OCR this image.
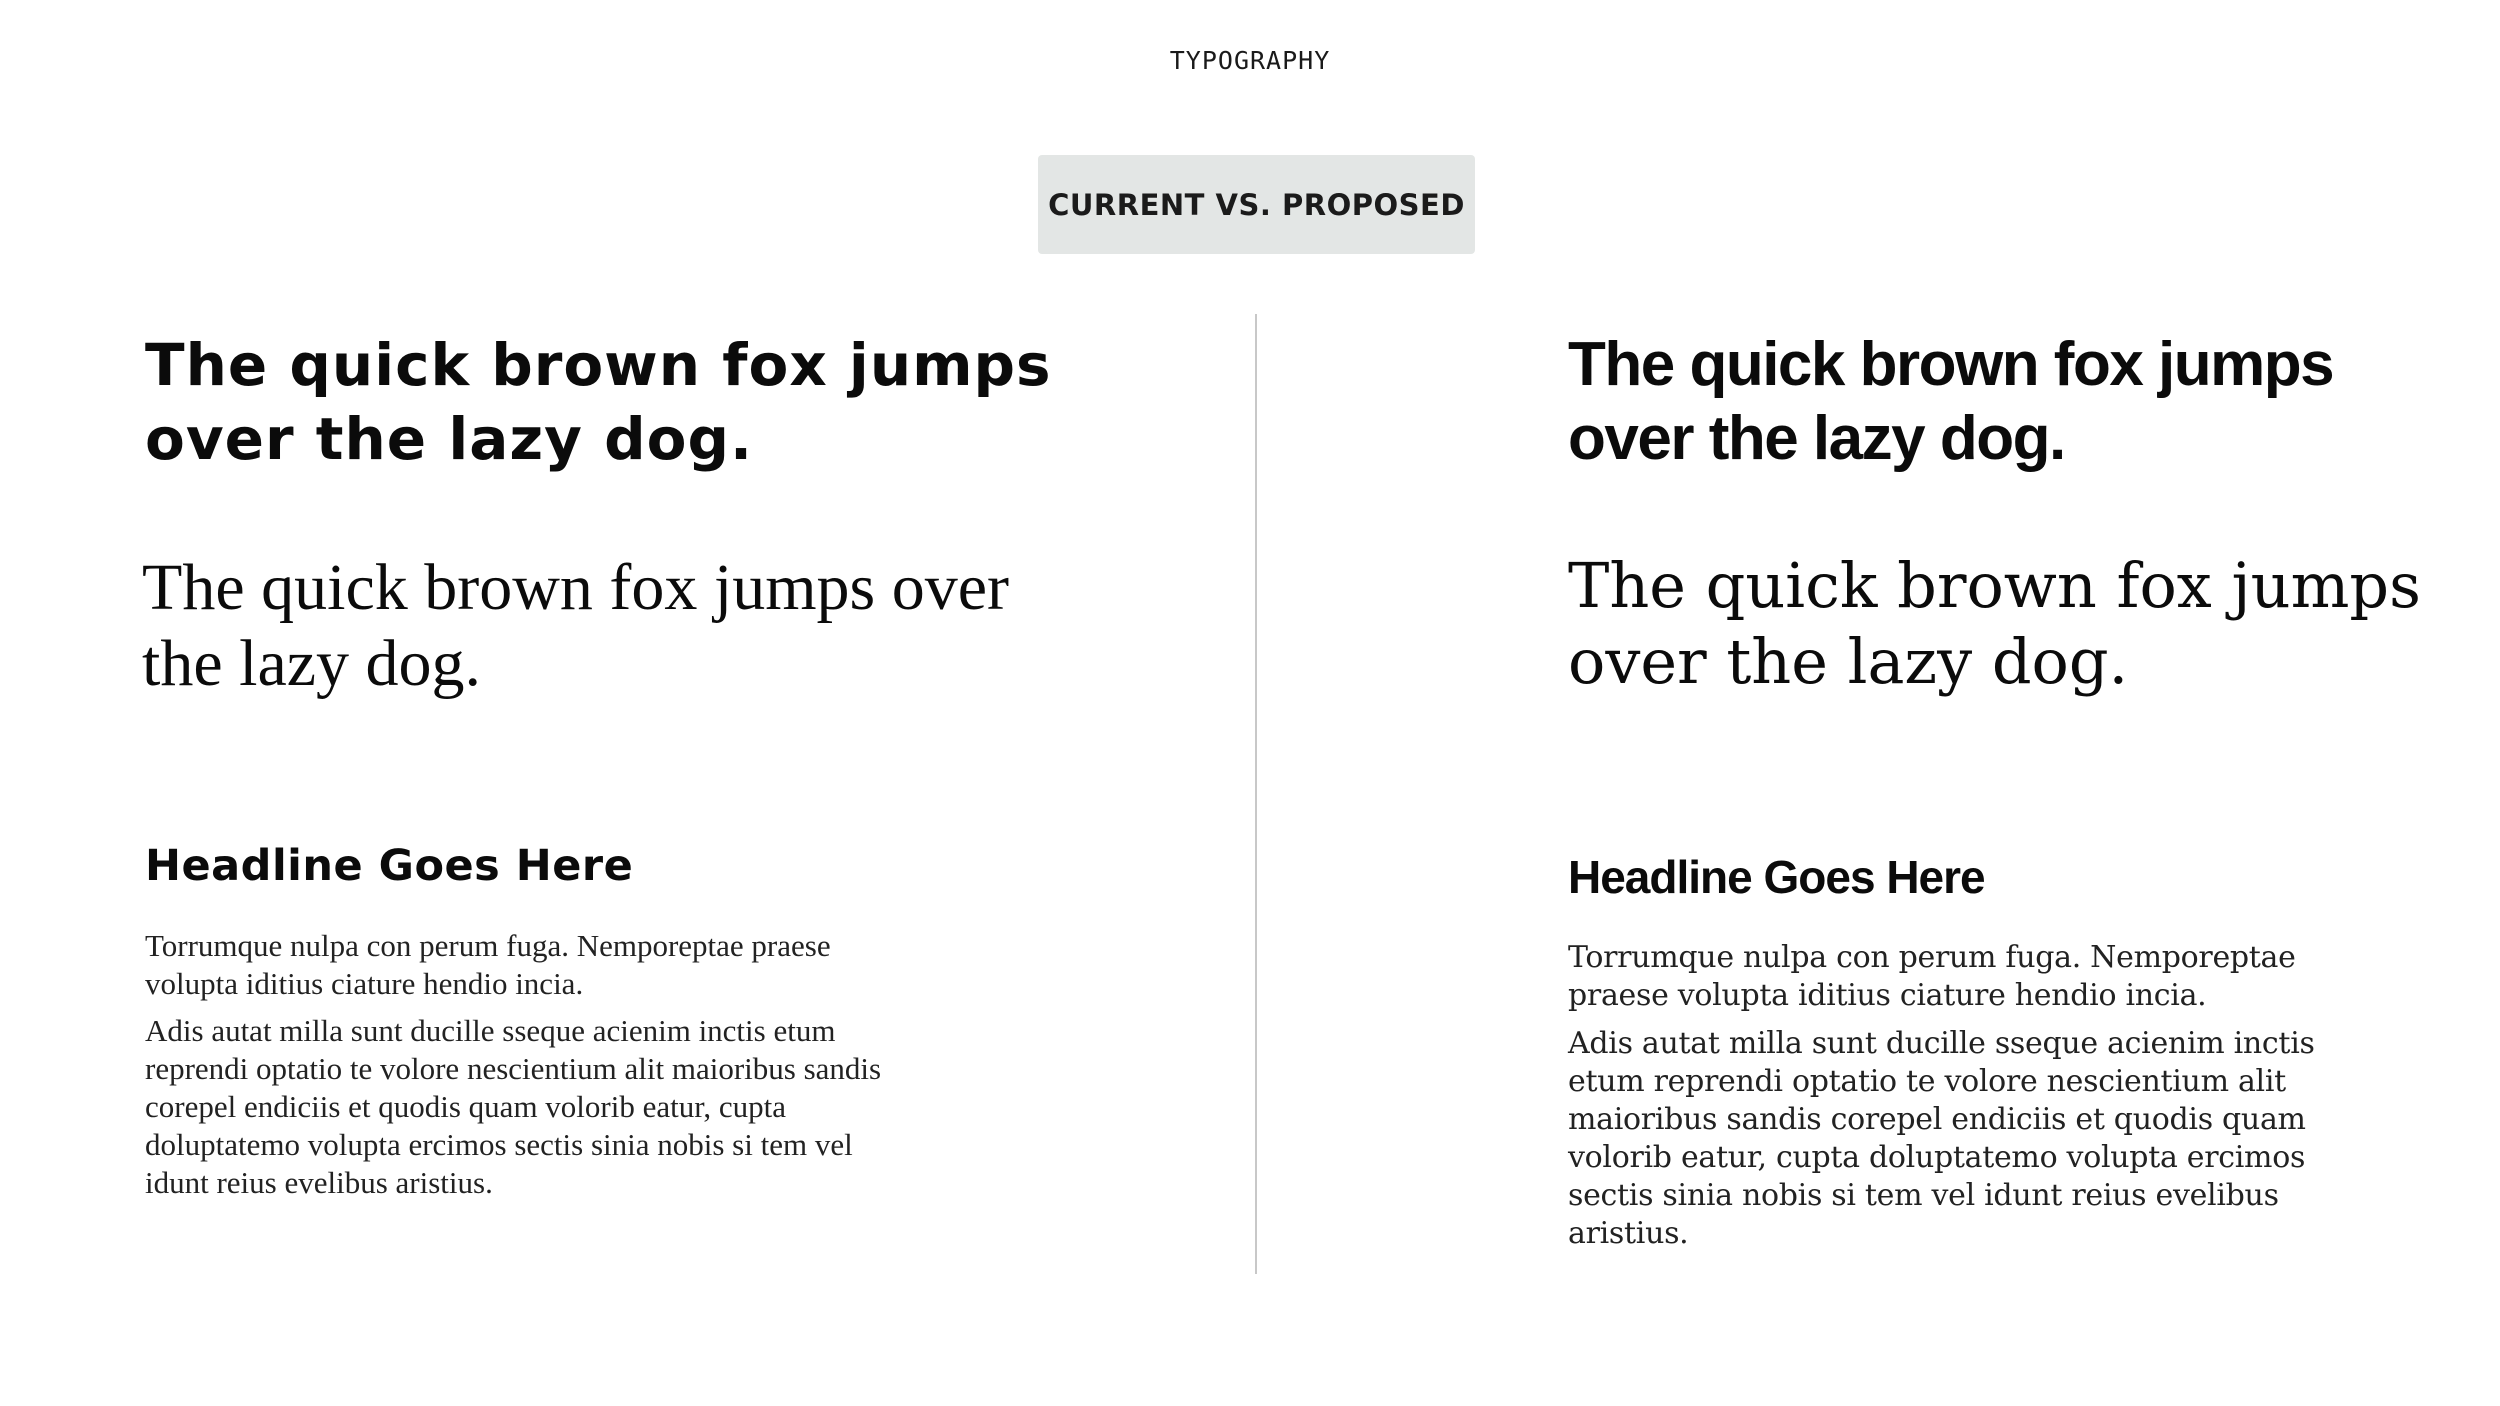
TYPOGRAPHY
CURRENT VS. PROPOSED
The quick brown fox jumps over the lazy dog.

The quick brown fox jumps over the lazy dog.

Headline Goes Here

Torrumque nulpa con perum fuga. Nemporeptae praese volupta iditius ciature hendio incia.

Adis autat milla sunt ducille sseque acienim inctis etum reprendi optatio te volore nescientium alit maioribus sandis corepel endiciis et quodis quam volorib eatur, cupta doluptatemo volupta ercimos sectis sinia nobis si tem vel idunt reius evelibus aristius.

The quick brown fox jumps over the lazy dog.

The quick brown fox jumps over the lazy dog.

Headline Goes Here

Torrumque nulpa con perum fuga. Nemporeptae praese volupta iditius ciature hendio incia.

Adis autat milla sunt ducille sseque acienim inctis etum reprendi optatio te volore nescientium alit maioribus sandis corepel endiciis et quodis quam volorib eatur, cupta doluptatemo volupta ercimos sectis sinia nobis si tem vel idunt reius evelibus aristius.
